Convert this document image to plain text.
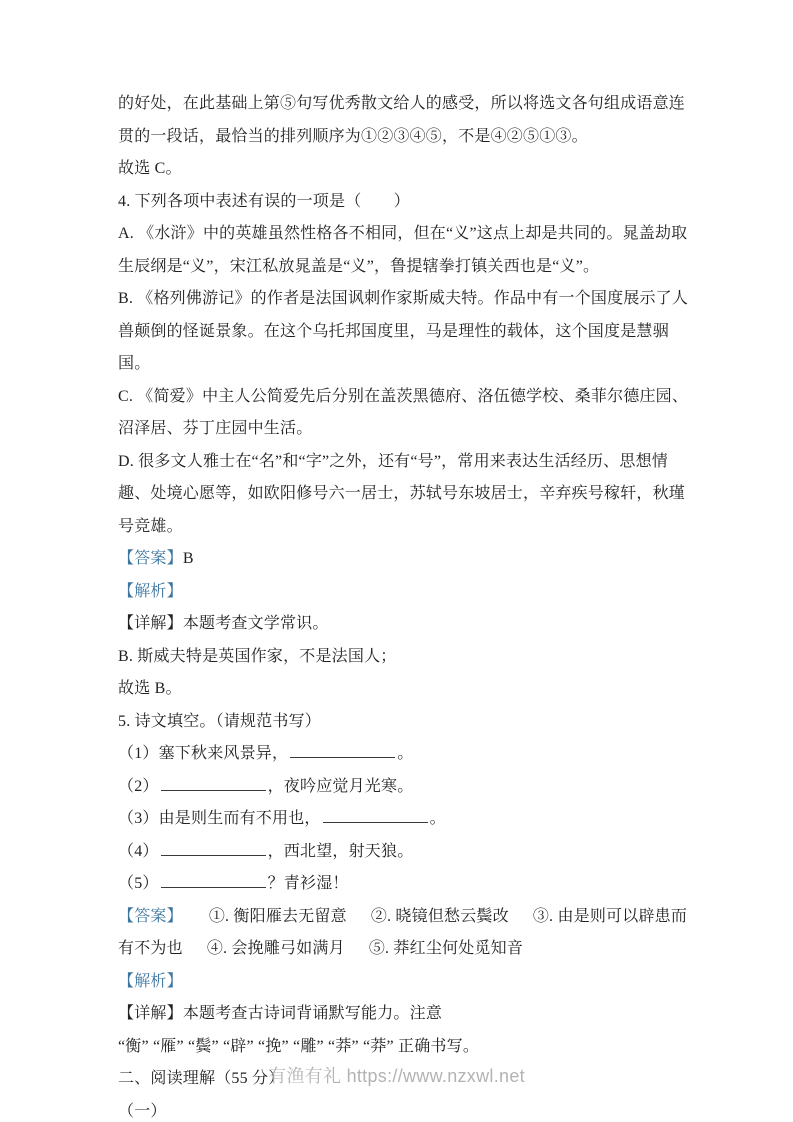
的好处，在此基础上第⑤句写优秀散文给人的感受，所以将选文各句组成语意连贯的一段话，最恰当的排列顺序为①②③④⑤，不是④②⑤①③。

故选 C。

4. 下列各项中表述有误的一项是（　　）

A. 《水浒》中的英雄虽然性格各不相同，但在“义”这点上却是共同的。晁盖劫取生辰纲是“义”，宋江私放晁盖是“义”，鲁提辖拳打镇关西也是“义”。

B. 《格列佛游记》的作者是法国讽刺作家斯威夫特。作品中有一个国度展示了人兽颠倒的怪诞景象。在这个乌托邦国度里，马是理性的载体，这个国度是慧骃国。

C. 《简爱》中主人公简爱先后分别在盖茨黑德府、洛伍德学校、桑菲尔德庄园、沼泽居、芬丁庄园中生活。

D. 很多文人雅士在“名”和“字”之外，还有“号”，常用来表达生活经历、思想情趣、处境心愿等，如欧阳修号六一居士，苏轼号东坡居士，辛弃疾号稼轩，秋瑾号竞雄。

【答案】B

【解析】

【详解】本题考查文学常识。

B. 斯威夫特是英国作家，不是法国人；

故选 B。

5. 诗文填空。（请规范书写）

（1）塞下秋来风景异，	。

（2）	，夜吟应觉月光寒。

（3）由是则生而有不用也，	。

（4）	，西北望，射天狼。

（5）	？青衫湿！

【答案】 ①. 衡阳雁去无留意 ②. 晓镜但愁云鬓改 ③. 由是则可以辟患而有不为也 ④. 会挽雕弓如满月 ⑤. 莽红尘何处觅知音

【解析】

【详解】本题考查古诗词背诵默写能力。注意

“衡” “雁” “鬓” “辟” “挽” “雕” “莽” “莽” 正确书写。

二、阅读理解（55 分）

（一）

有渔有礼 https://www.nzxwl.net
